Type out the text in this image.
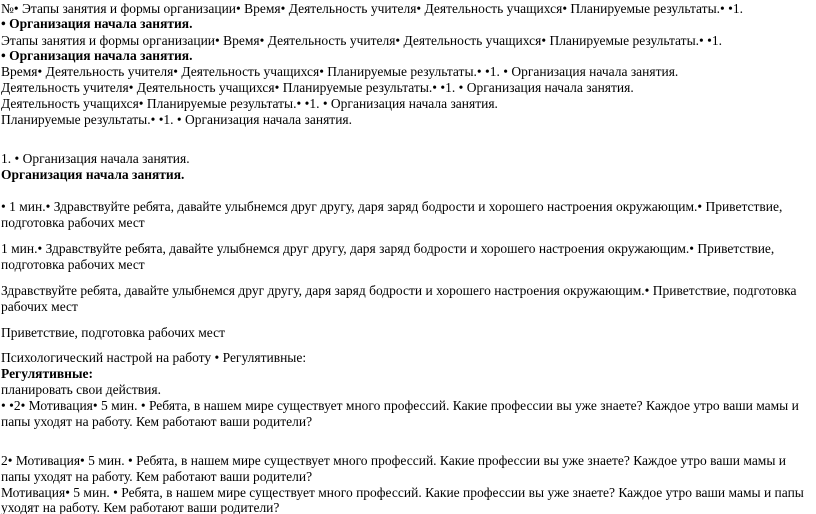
№• Этапы занятия и формы организации• Время• Деятельность учителя• Деятельность учащихся• Планируемые результаты.• •1.
• Организация начала занятия.
Этапы занятия и формы организации• Время• Деятельность учителя• Деятельность учащихся• Планируемые результаты.• •1.
• Организация начала занятия.
Время• Деятельность учителя• Деятельность учащихся• Планируемые результаты.• •1. • Организация начала занятия.
Деятельность учителя• Деятельность учащихся• Планируемые результаты.• •1. • Организация начала занятия.
Деятельность учащихся• Планируемые результаты.• •1. • Организация начала занятия.
Планируемые результаты.• •1. • Организация начала занятия.
1. • Организация начала занятия.
Организация начала занятия.
• 1 мин.• Здравствуйте ребята, давайте улыбнемся друг другу, даря заряд бодрости и хорошего настроения окружающим.• Приветствие,
подготовка рабочих мест
1 мин.• Здравствуйте ребята, давайте улыбнемся друг другу, даря заряд бодрости и хорошего настроения окружающим.• Приветствие,
подготовка рабочих мест
Здравствуйте ребята, давайте улыбнемся друг другу, даря заряд бодрости и хорошего настроения окружающим.• Приветствие, подготовка
рабочих мест
Приветствие, подготовка рабочих мест
Психологический настрой на работу • Регулятивные:
Регулятивные:
планировать свои действия.
• •2• Мотивация• 5 мин. • Ребята, в нашем мире существует много профессий. Какие профессии вы уже знаете? Каждое утро ваши мамы и
папы уходят на работу. Кем работают ваши родители?
2• Мотивация• 5 мин. • Ребята, в нашем мире существует много профессий. Какие профессии вы уже знаете? Каждое утро ваши мамы и
папы уходят на работу. Кем работают ваши родители?
Мотивация• 5 мин. • Ребята, в нашем мире существует много профессий. Какие профессии вы уже знаете? Каждое утро ваши мамы и папы
уходят на работу. Кем работают ваши родители?
